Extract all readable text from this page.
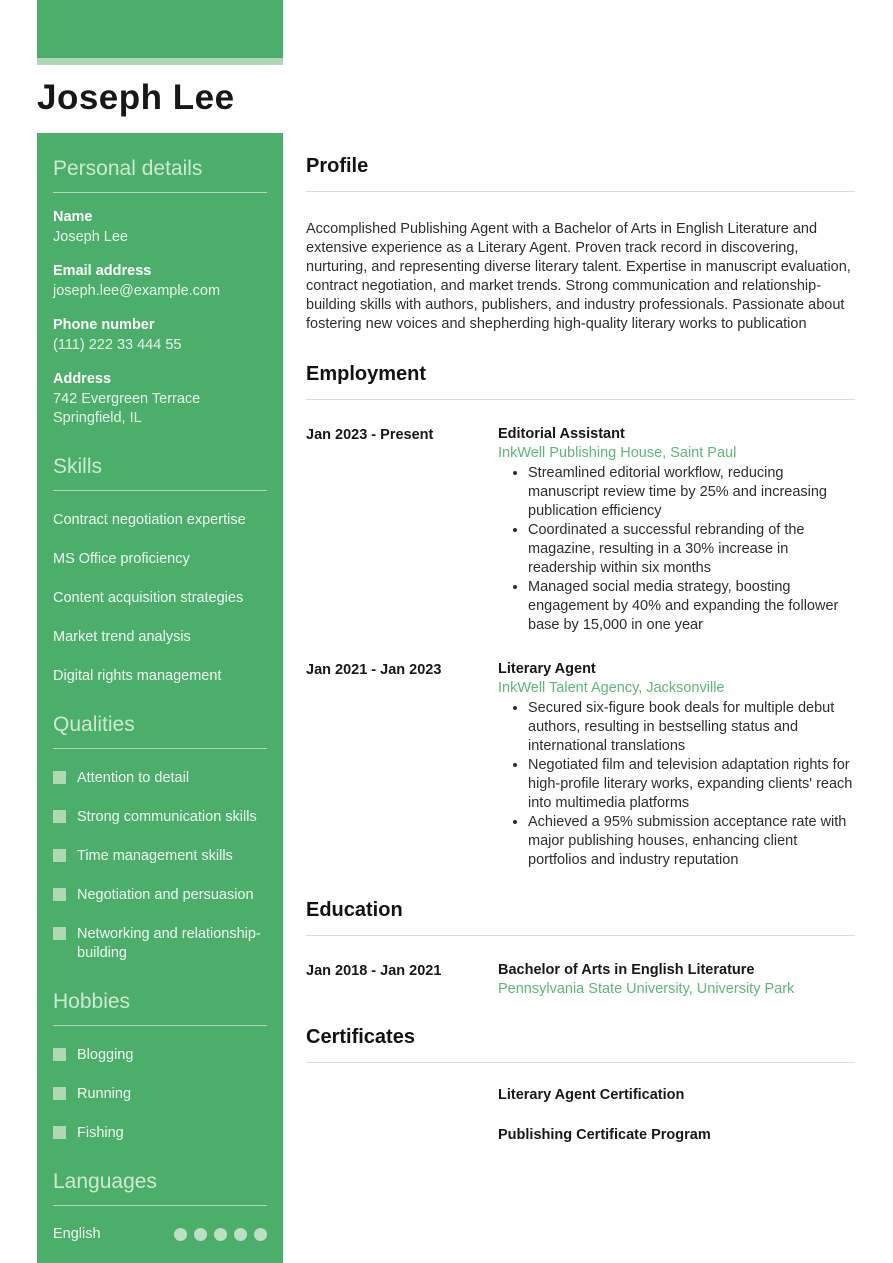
Joseph Lee
Personal details
Name
Joseph Lee
Email address
joseph.lee@example.com
Phone number
(111) 222 33 444 55
Address
742 Evergreen Terrace
Springfield, IL
Skills
Contract negotiation expertise
MS Office proficiency
Content acquisition strategies
Market trend analysis
Digital rights management
Qualities
Attention to detail
Strong communication skills
Time management skills
Negotiation and persuasion
Networking and relationship-building
Hobbies
Blogging
Running
Fishing
Languages
English
Profile

Accomplished Publishing Agent with a Bachelor of Arts in English Literature and extensive experience as a Literary Agent. Proven track record in discovering, nurturing, and representing diverse literary talent. Expertise in manuscript evaluation, contract negotiation, and market trends. Strong communication and relationship-building skills with authors, publishers, and industry professionals. Passionate about fostering new voices and shepherding high-quality literary works to publication

Employment
Jan 2023 - Present	Editorial Assistant
InkWell Publishing House, Saint Paul
• Streamlined editorial workflow, reducing manuscript review time by 25% and increasing publication efficiency
• Coordinated a successful rebranding of the magazine, resulting in a 30% increase in readership within six months
• Managed social media strategy, boosting engagement by 40% and expanding the follower base by 15,000 in one year
Jan 2021 - Jan 2023	Literary Agent
InkWell Talent Agency, Jacksonville
• Secured six-figure book deals for multiple debut authors, resulting in bestselling status and international translations
• Negotiated film and television adaptation rights for high-profile literary works, expanding clients' reach into multimedia platforms
• Achieved a 95% submission acceptance rate with major publishing houses, enhancing client portfolios and industry reputation
Education
Jan 2018 - Jan 2021	Bachelor of Arts in English Literature
Pennsylvania State University, University Park
Certificates
Literary Agent Certification
Publishing Certificate Program
